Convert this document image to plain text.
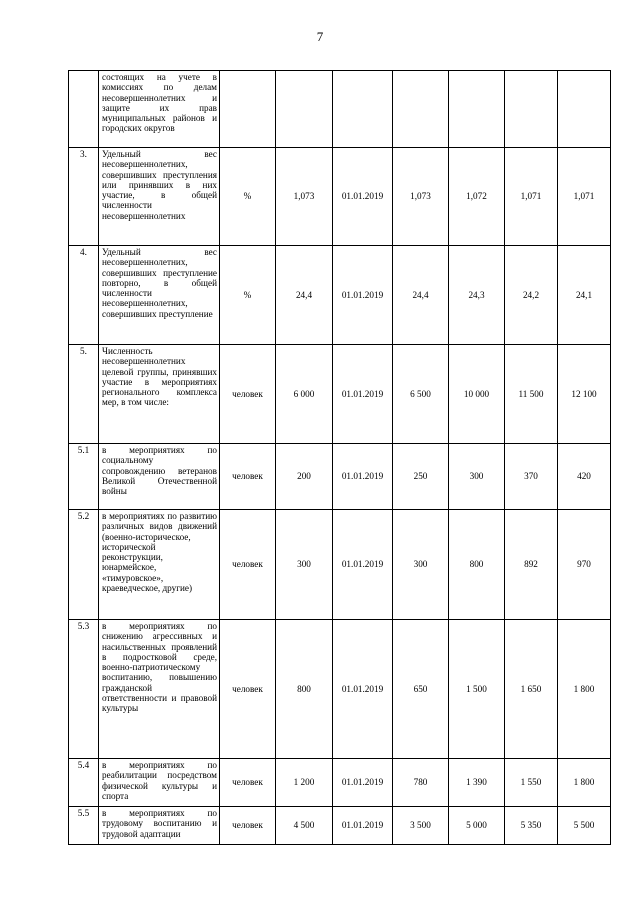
7
	состоящих на учете в комиссиях по делам несовершеннолетних и защите их прав муниципальных районов и городских округов							
3.	Удельный вес несовершеннолетних, совершивших преступления или принявших в них участие, в общей численности несовершеннолетних	%	1,073	01.01.2019	1,073	1,072	1,071	1,071
4.	Удельный вес несовершеннолетних, совершивших преступление повторно, в общей численности несовершеннолетних, совершивших преступление	%	24,4	01.01.2019	24,4	24,3	24,2	24,1
5.	Численность несовершеннолетних целевой группы, принявших участие в мероприятиях регионального комплекса мер, в том числе:	человек	6 000	01.01.2019	6 500	10 000	11 500	12 100
5.1	в мероприятиях по социальному сопровождению ветеранов Великой Отечественной войны	человек	200	01.01.2019	250	300	370	420
5.2	в мероприятиях по развитию различных видов движений (военно-историческое, исторической реконструкции, юнармейское, «тимуровское», краеведческое, другие)	человек	300	01.01.2019	300	800	892	970
5.3	в мероприятиях по снижению агрессивных и насильственных проявлений в подростковой среде, военно-патриотическому воспитанию, повышению гражданской ответственности и правовой культуры	человек	800	01.01.2019	650	1 500	1 650	1 800
5.4	в мероприятиях по реабилитации посредством физической культуры и спорта	человек	1 200	01.01.2019	780	1 390	1 550	1 800
5.5	в мероприятиях по трудовому воспитанию и трудовой адаптации	человек	4 500	01.01.2019	3 500	5 000	5 350	5 500
